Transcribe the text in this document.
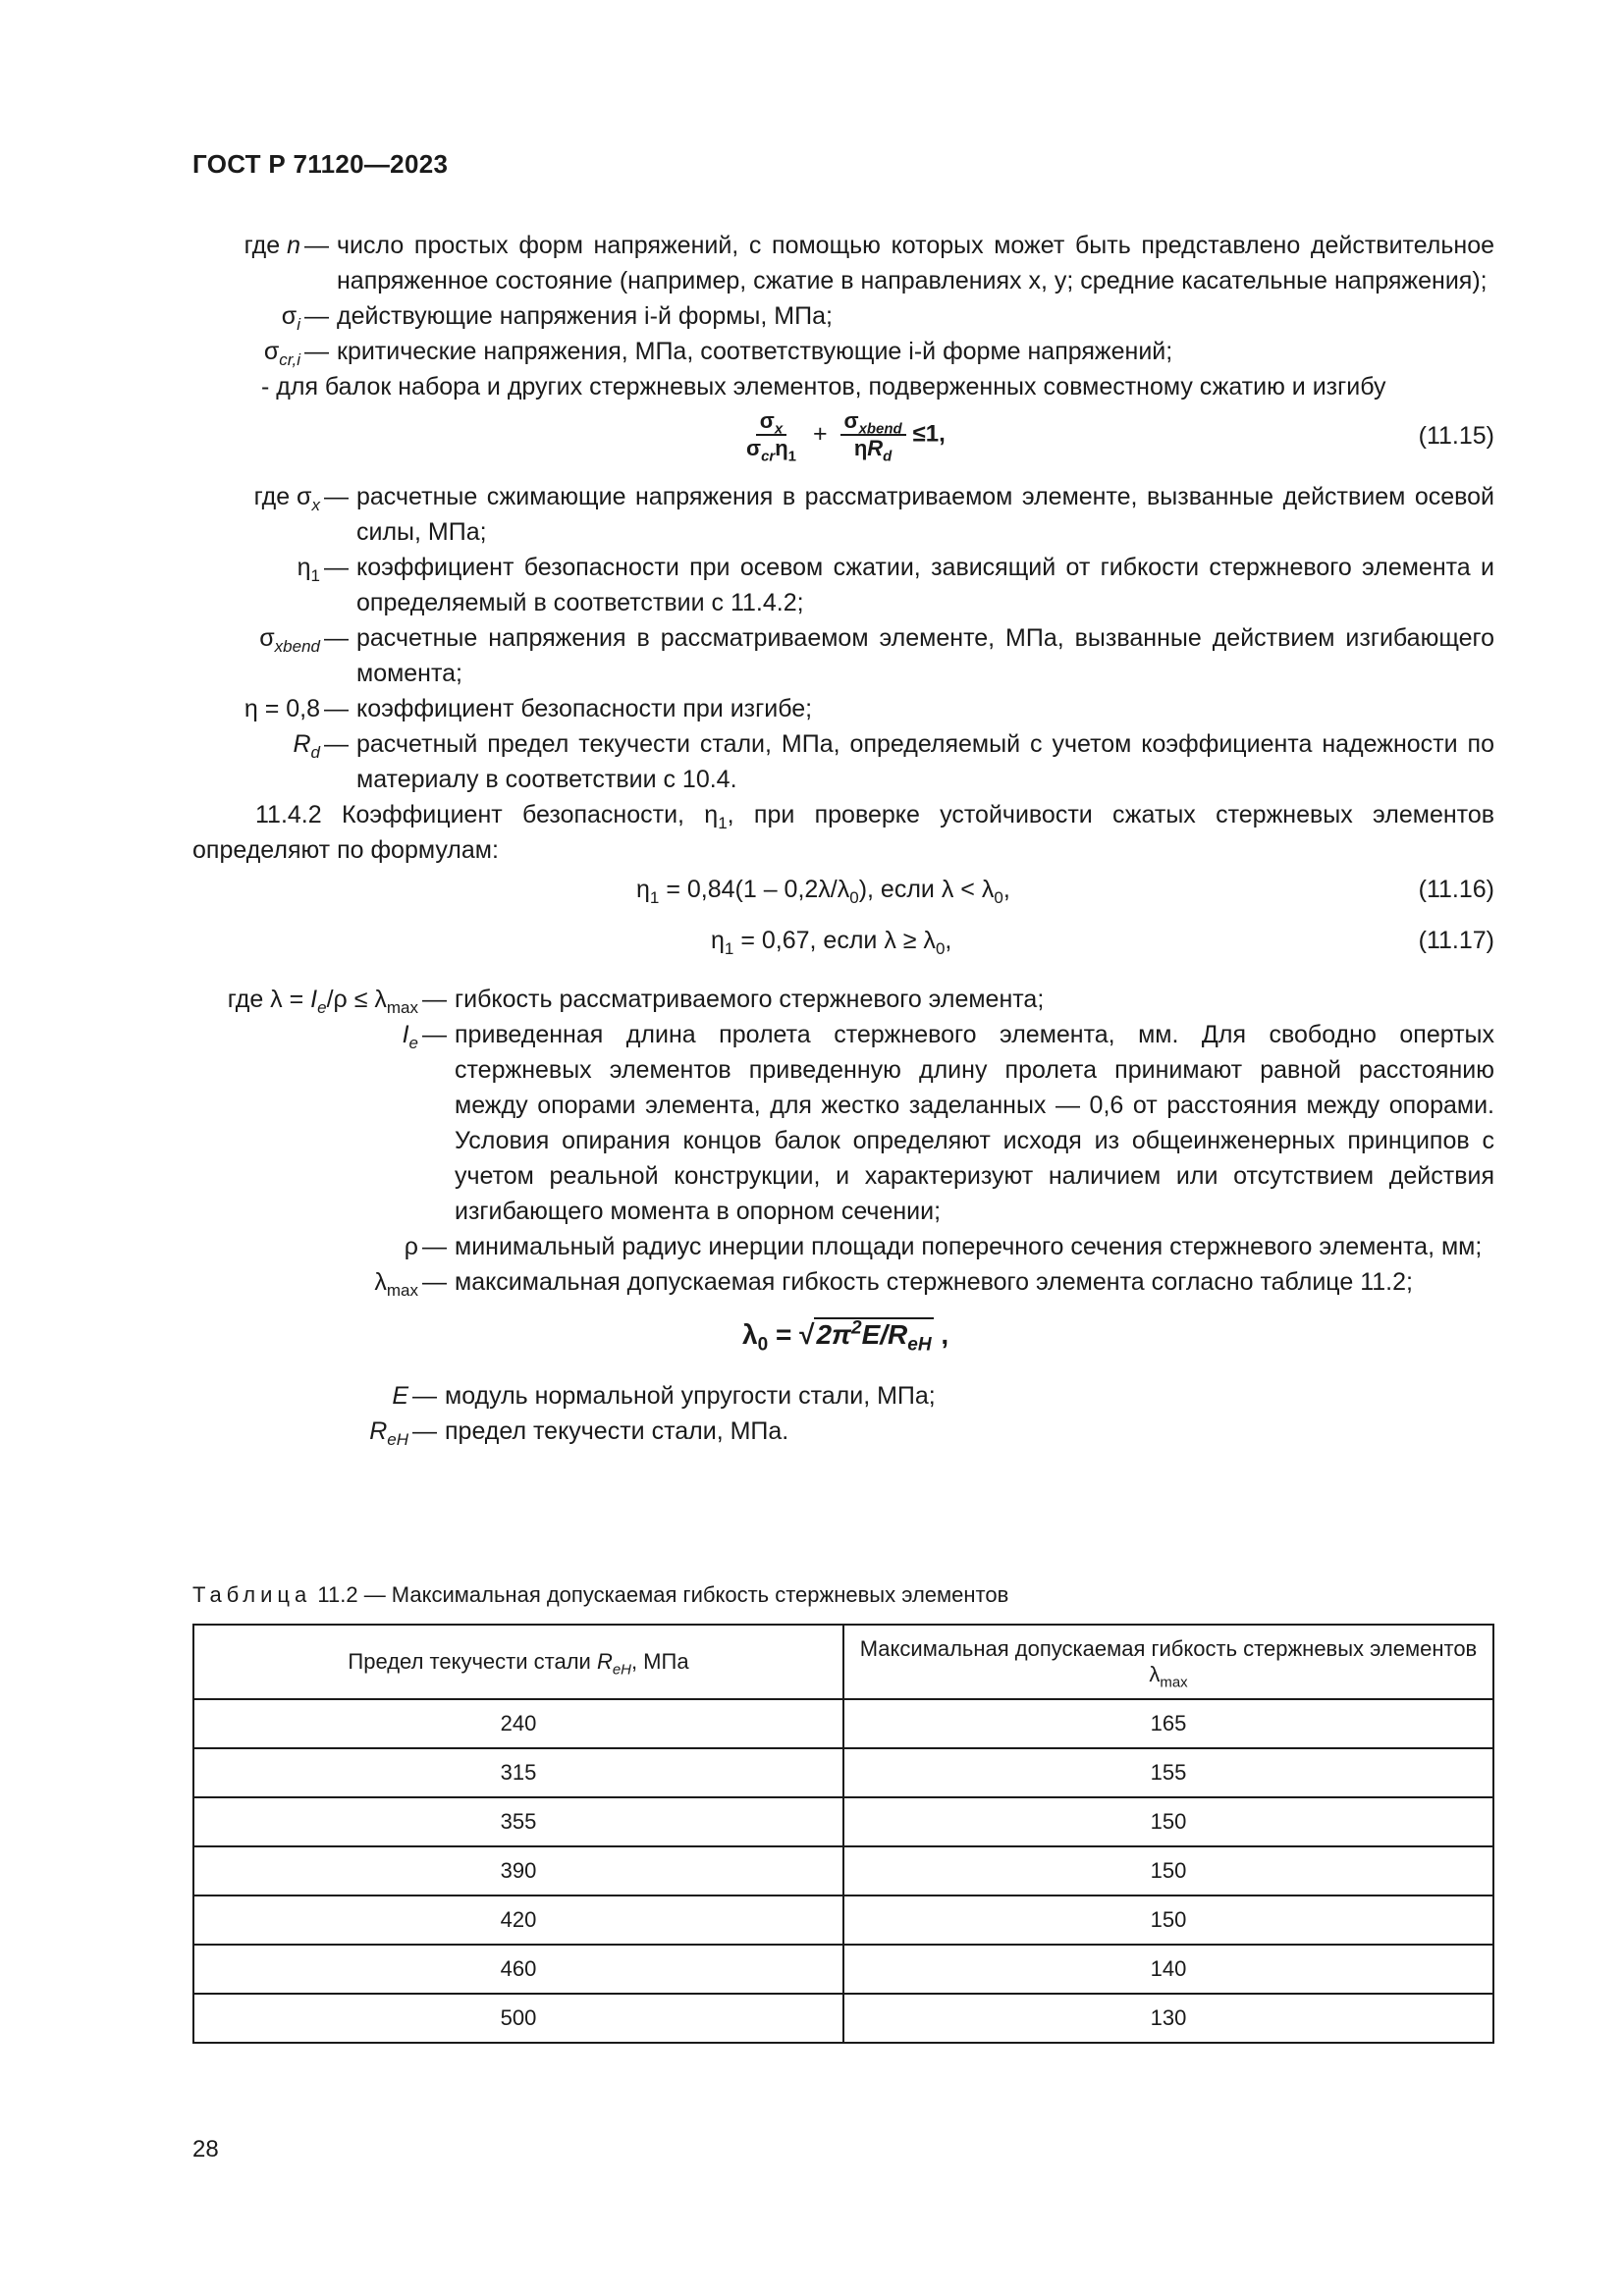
ГОСТ Р 71120—2023
где n — число простых форм напряжений, с помощью которых может быть представлено действительное напряженное состояние (например, сжатие в направлениях x, y; средние касательные напряжения);
$\sigma_i$ — действующие напряжения i-й формы, МПа;
$\sigma_{cr,i}$ — критические напряжения, МПа, соответствующие i-й форме напряжений;
- для балок набора и других стержневых элементов, подверженных совместному сжатию и изгибу
$\frac{\sigma_x}{\sigma_{cr}\eta_1} + \frac{\sigma_{xbend}}{\eta R_d} \le 1$,	(11.15)
где $\sigma_x$ — расчетные сжимающие напряжения в рассматриваемом элементе, вызванные действием осевой силы, МПа;
$\eta_1$ — коэффициент безопасности при осевом сжатии, зависящий от гибкости стержневого элемента и определяемый в соответствии с 11.4.2;
$\sigma_{xbend}$ — расчетные напряжения в рассматриваемом элементе, МПа, вызванные действием изгибающего момента;
η = 0,8 — коэффициент безопасности при изгибе;
$R_d$ — расчетный предел текучести стали, МПа, определяемый с учетом коэффициента надежности по материалу в соответствии с 10.4.
11.4.2 Коэффициент безопасности, $\eta_1$, при проверке устойчивости сжатых стержневых элементов определяют по формулам:
$\eta_1 = 0,84(1 - 0,2\lambda/\lambda_0)$, если $\lambda < \lambda_0$,	(11.16)
$\eta_1 = 0,67$, если $\lambda \ge \lambda_0$,	(11.17)
где $\lambda = I_e/\rho \le \lambda_{max}$ — гибкость рассматриваемого стержневого элемента;
$I_e$ — приведенная длина пролета стержневого элемента, мм. Для свободно опертых стержневых элементов приведенную длину пролета принимают равной расстоянию между опорами элемента, для жестко заделанных — 0,6 от расстояния между опорами. Условия опирания концов балок определяют исходя из общеинженерных принципов с учетом реальной конструкции, и характеризуют наличием или отсутствием действия изгибающего момента в опорном сечении;
ρ — минимальный радиус инерции площади поперечного сечения стержневого элемента, мм;
$\lambda_{max}$ — максимальная допускаемая гибкость стержневого элемента согласно таблице 11.2;
$\lambda_0 = √2\pi^2E/R_{eH}$ ,
E — модуль нормальной упругости стали, МПа;
$R_{eH}$ — предел текучести стали, МПа.
Таблица 11.2 — Максимальная допускаемая гибкость стержневых элементов
Предел текучести стали $R_{eH}$, МПа	Максимальная допускаемая гибкость стержневых элементов
$\lambda_{max}$
240	165
315	155
355	150
390	150
420	150
460	140
500	130
28
